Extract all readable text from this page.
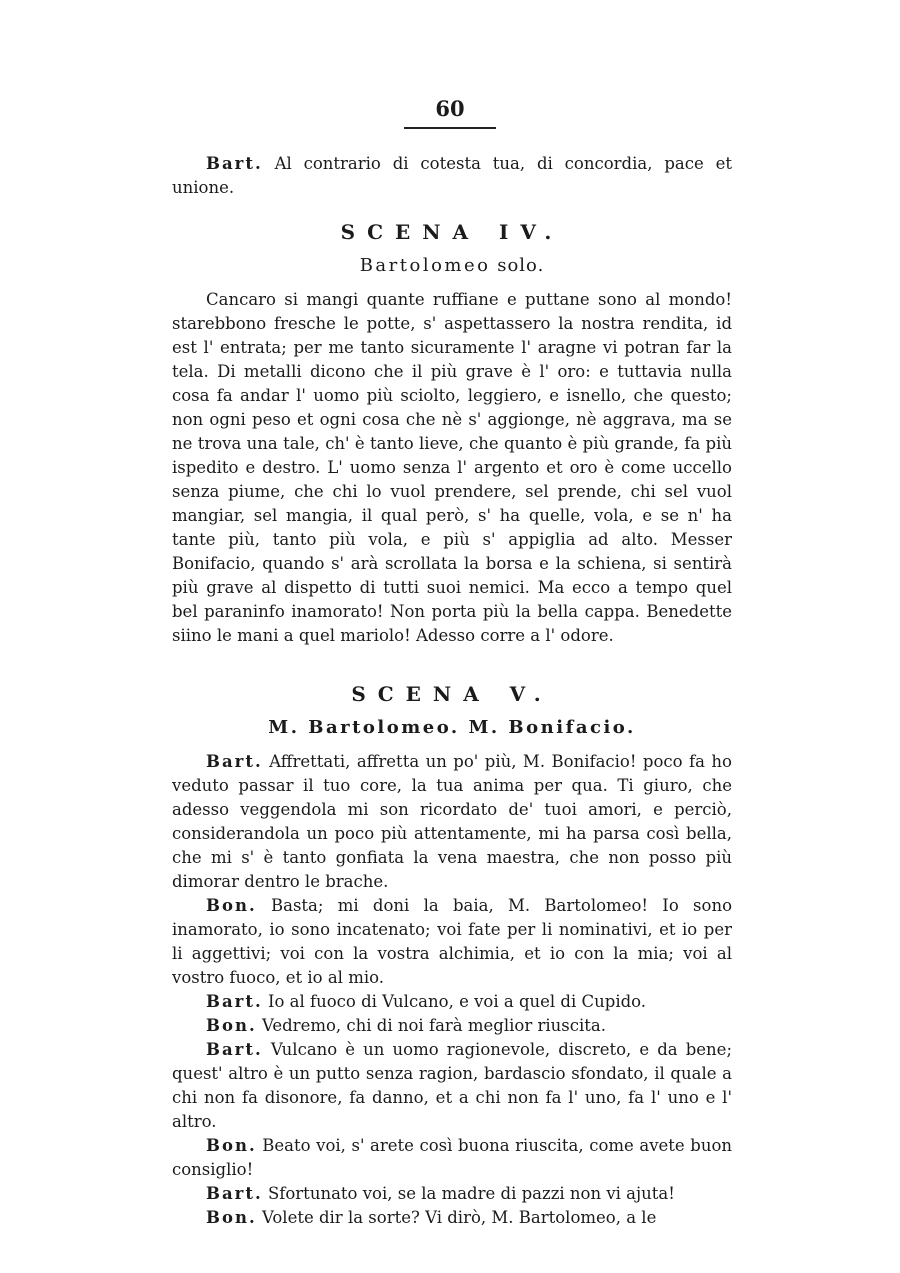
60

Bart. Al contrario di cotesta tua, di concordia, pace et unione.

SCENA IV.
Bartolomeo solo.

Cancaro si mangi quante ruffiane e puttane sono al mondo! starebbono fresche le potte, s' aspettassero la nostra rendita, id est l' entrata; per me tanto sicuramente l' aragne vi potran far la tela. Di metalli dicono che il più grave è l' oro: e tuttavia nulla cosa fa andar l' uomo più sciolto, leggiero, e isnello, che questo; non ogni peso et ogni cosa che nè s' aggionge, nè aggrava, ma se ne trova una tale, ch' è tanto lieve, che quanto è più grande, fa più ispedito e destro. L' uomo senza l' argento et oro è come uccello senza piume, che chi lo vuol prendere, sel prende, chi sel vuol mangiar, sel mangia, il qual però, s' ha quelle, vola, e se n' ha tante più, tanto più vola, e più s' appiglia ad alto. Messer Bonifacio, quando s' arà scrollata la borsa e la schiena, si sentirà più grave al dispetto di tutti suoi nemici. Ma ecco a tempo quel bel paraninfo inamorato! Non porta più la bella cappa. Benedette siino le mani a quel mariolo! Adesso corre a l' odore.

SCENA V.
M. Bartolomeo. M. Bonifacio.

Bart. Affrettati, affretta un po' più, M. Bonifacio! poco fa ho veduto passar il tuo core, la tua anima per qua. Ti giuro, che adesso veggendola mi son ricordato de' tuoi amori, e perciò, considerandola un poco più attentamente, mi ha parsa così bella, che mi s' è tanto gonfiata la vena maestra, che non posso più dimorar dentro le brache.

Bon. Basta; mi doni la baia, M. Bartolomeo! Io sono inamorato, io sono incatenato; voi fate per li nominativi, et io per li aggettivi; voi con la vostra alchimia, et io con la mia; voi al vostro fuoco, et io al mio.

Bart. Io al fuoco di Vulcano, e voi a quel di Cupido.

Bon. Vedremo, chi di noi farà meglior riuscita.

Bart. Vulcano è un uomo ragionevole, discreto, e da bene; quest' altro è un putto senza ragion, bardascio sfondato, il quale a chi non fa disonore, fa danno, et a chi non fa l' uno, fa l' uno e l' altro.

Bon. Beato voi, s' arete così buona riuscita, come avete buon consiglio!

Bart. Sfortunato voi, se la madre di pazzi non vi ajuta!

Bon. Volete dir la sorte? Vi dirò, M. Bartolomeo, a le
